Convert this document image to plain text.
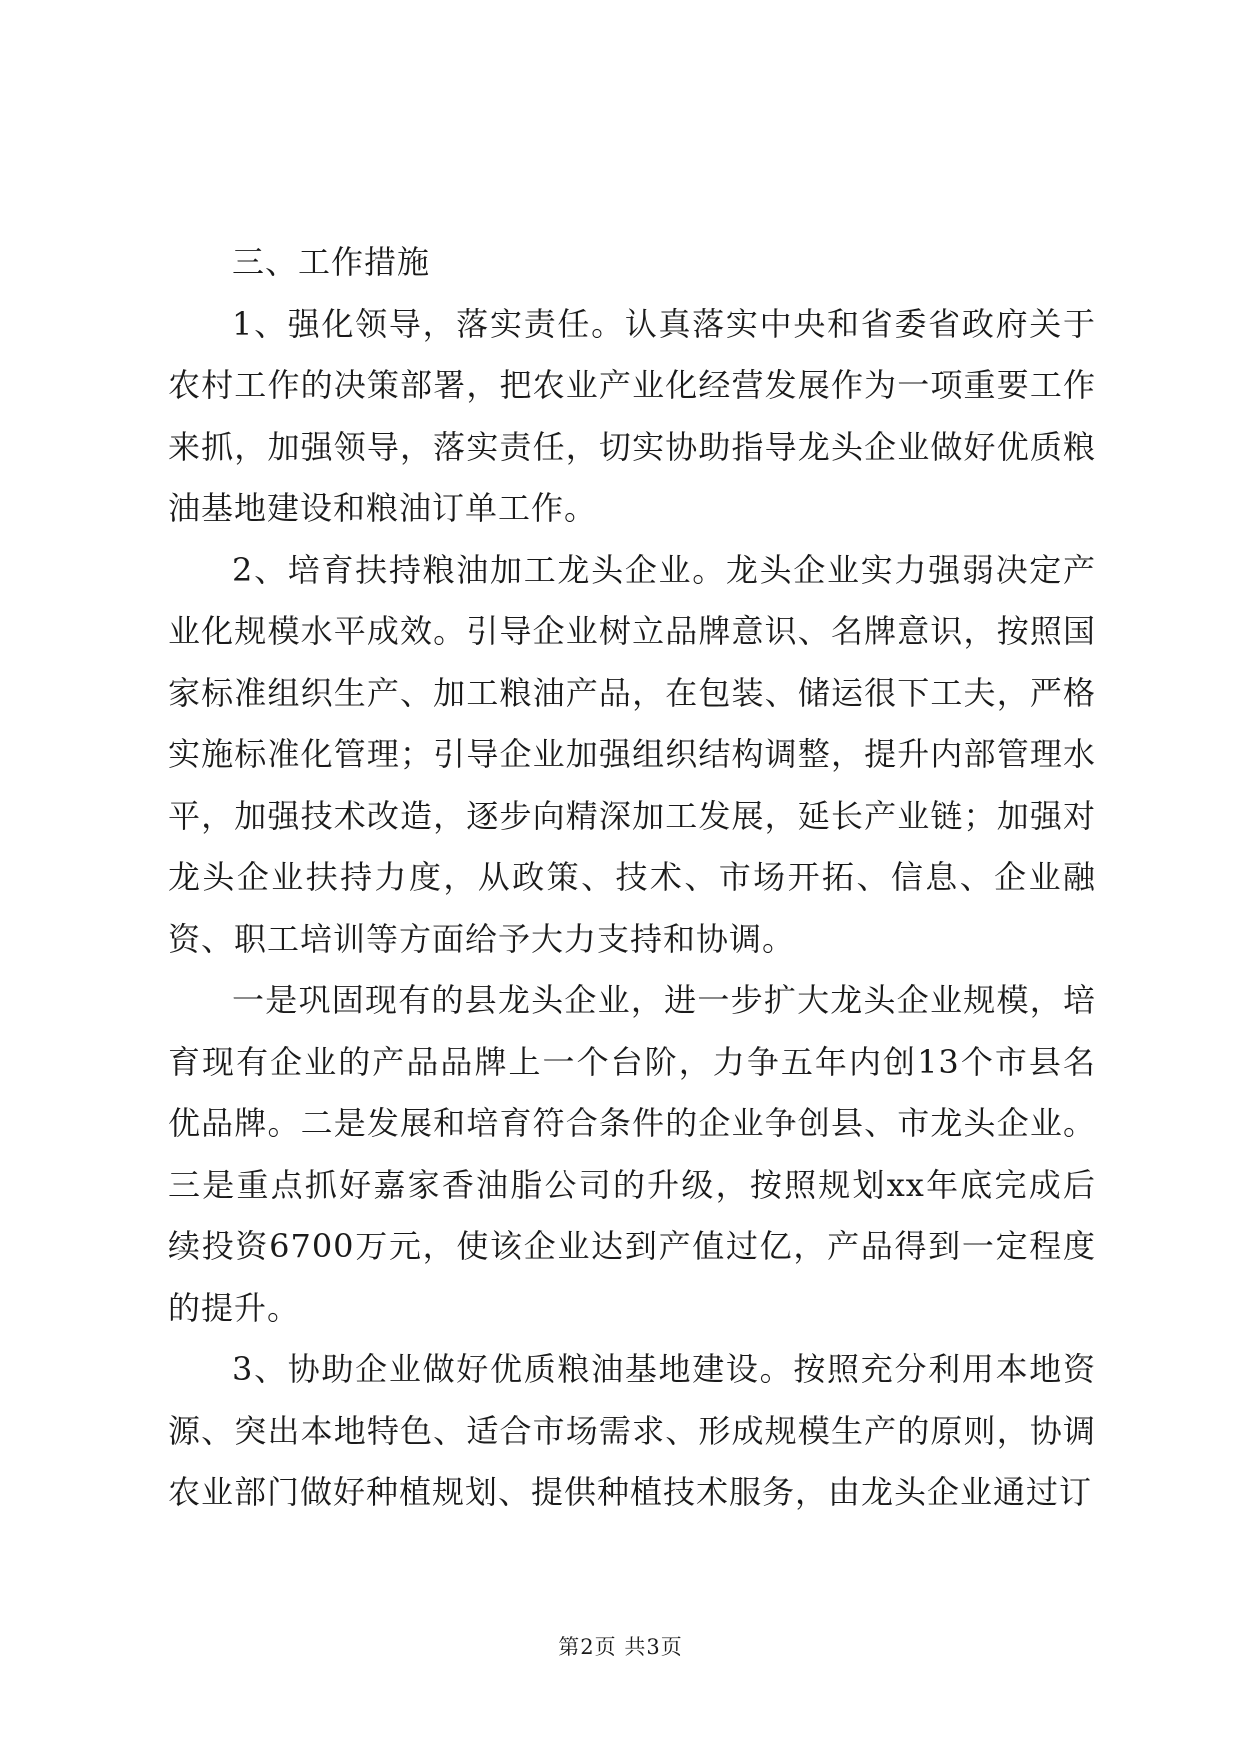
三、工作措施

1、强化领导，落实责任。认真落实中央和省委省政府关于农村工作的决策部署，把农业产业化经营发展作为一项重要工作来抓，加强领导，落实责任，切实协助指导龙头企业做好优质粮油基地建设和粮油订单工作。

2、培育扶持粮油加工龙头企业。龙头企业实力强弱决定产业化规模水平成效。引导企业树立品牌意识、名牌意识，按照国家标准组织生产、加工粮油产品，在包装、储运很下工夫，严格实施标准化管理；引导企业加强组织结构调整，提升内部管理水平，加强技术改造，逐步向精深加工发展，延长产业链；加强对龙头企业扶持力度，从政策、技术、市场开拓、信息、企业融资、职工培训等方面给予大力支持和协调。

一是巩固现有的县龙头企业，进一步扩大龙头企业规模，培育现有企业的产品品牌上一个台阶，力争五年内创13个市县名优品牌。二是发展和培育符合条件的企业争创县、市龙头企业。三是重点抓好嘉家香油脂公司的升级，按照规划xx年底完成后续投资6700万元，使该企业达到产值过亿，产品得到一定程度的提升。

3、协助企业做好优质粮油基地建设。按照充分利用本地资源、突出本地特色、适合市场需求、形成规模生产的原则，协调农业部门做好种植规划、提供种植技术服务，由龙头企业通过订

第2页 共3页
